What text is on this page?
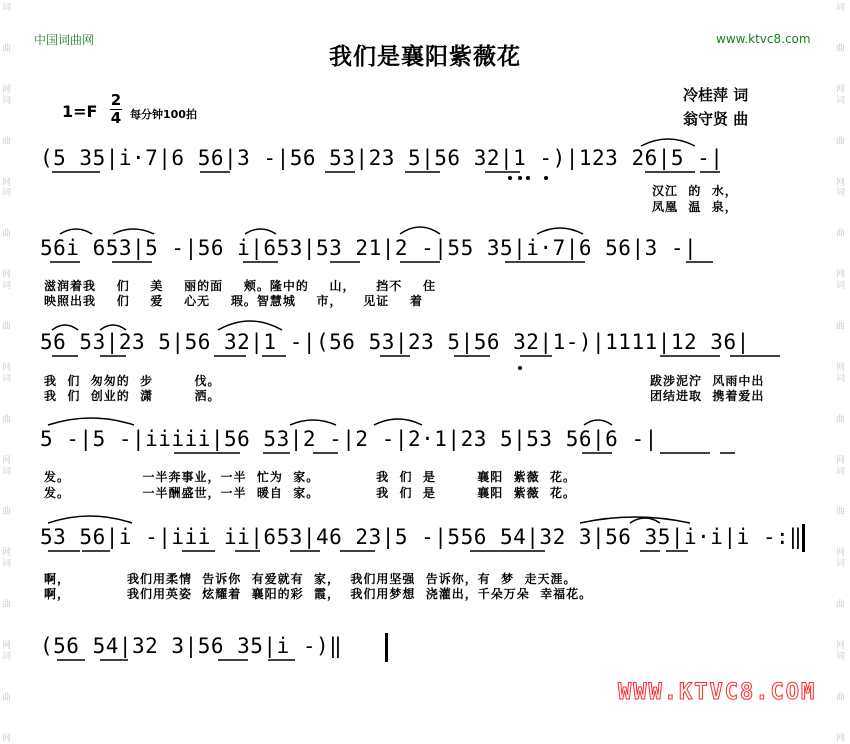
词
曲
网
词
曲
网
词
曲
网
词
曲
网
词
曲
网
词
曲
网
词
曲
网
词
曲
网
词
曲
网
词
曲
网
词
曲
网
词
曲
网
词
曲
网
词
曲
网
词
曲
网
词
曲
网
中国词曲网	www.ktvc8.com
我们是襄阳紫薇花
1=F
2
4 每分钟100拍
冷桂萍 词
翁守贤 曲
(5 35|i·7|6 56|3 -|56 53|23 5|56 32|1 -)|123 26|5 -|
56i 653|5 -|56 i|653|53 21|2 -|55 35|i·7|6 56|3 -|
56 53|23 5|56 32|1 -|(56 53|23 5|56 32|1-)|1111|12 36|
5 -|5 -|iiiii|56 53|2 -|2 -|2·1|23 5|53 56|6 -|
53 56|i -|iii ii|653|46 23|5 -|556 54|32 3|56 35|i·i|i -:‖
(56 54|32 3|56 35|i -)‖
汉江  的  水，
凤凰  温  泉，
滋润着我    们    美    丽的面    颊。隆中的    山，    挡不    住
映照出我    们    爱    心无    瑕。智慧城    市，    见证    着
我  们  匆匆的  步        伐。
我  们  创业的  潇        洒。
跋涉泥泞  风雨中出
团结进取  携着爱出
发。              一半奔事业，一半  忙为  家。           我  们  是        襄阳  紫薇  花。
发。              一半酬盛世，一半  暖自  家。           我  们  是        襄阳  紫薇  花。
啊，           我们用柔情  告诉你  有爱就有  家，  我们用坚强  告诉你，有  梦  走天涯。
啊，           我们用英姿  炫耀着  襄阳的彩  霞，  我们用梦想  浇灌出，千朵万朵  幸福花。
WWW.KTVC8.COM
